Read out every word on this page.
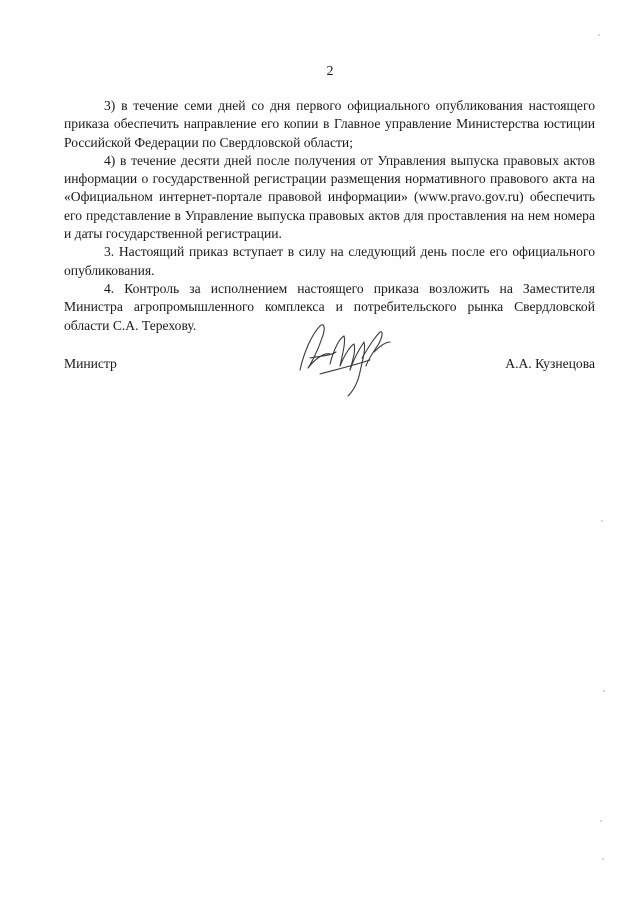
2

3) в течение семи дней со дня первого официального опубликования настоящего приказа обеспечить направление его копии в Главное управление Министерства юстиции Российской Федерации по Свердловской области;

4) в течение десяти дней после получения от Управления выпуска правовых актов информации о государственной регистрации размещения нормативного правового акта на «Официальном интернет-портале правовой информации» (www.pravo.gov.ru) обеспечить его представление в Управление выпуска правовых актов для проставления на нем номера и даты государственной регистрации.

3. Настоящий приказ вступает в силу на следующий день после его официального опубликования.

4. Контроль за исполнением настоящего приказа возложить на Заместителя Министра агропромышленного комплекса и потребительского рынка Свердловской области С.А. Терехову.

Министр	А.А. Кузнецова
